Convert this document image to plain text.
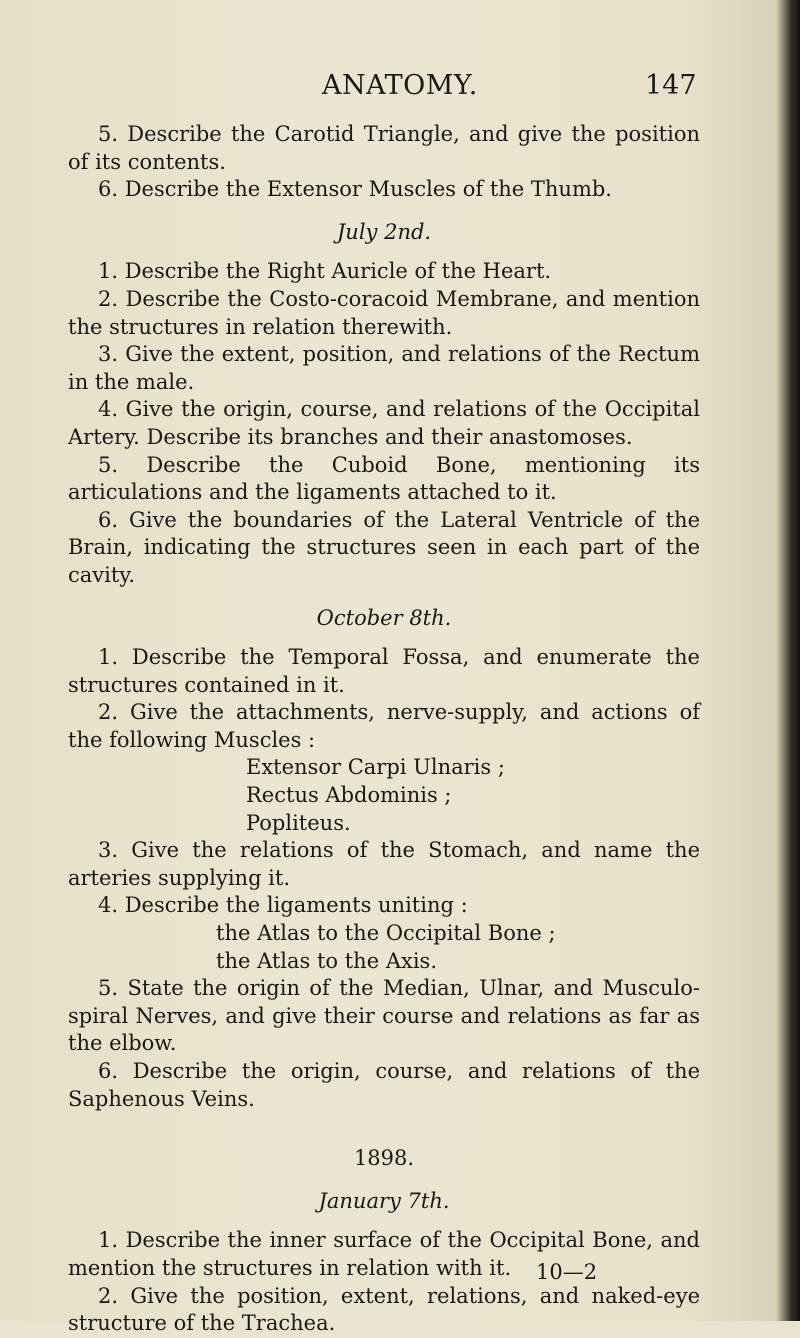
ANATOMY.	147

5. Describe the Carotid Triangle, and give the position of its contents.

6. Describe the Extensor Muscles of the Thumb.

July 2nd.

1. Describe the Right Auricle of the Heart.

2. Describe the Costo-coracoid Membrane, and mention the structures in relation therewith.

3. Give the extent, position, and relations of the Rectum in the male.

4. Give the origin, course, and relations of the Occipital Artery. Describe its branches and their anastomoses.

5. Describe the Cuboid Bone, mentioning its articulations and the ligaments attached to it.

6. Give the boundaries of the Lateral Ventricle of the Brain, indicating the structures seen in each part of the cavity.

October 8th.

1. Describe the Temporal Fossa, and enumerate the structures contained in it.

2. Give the attachments, nerve-supply, and actions of the following Muscles :

Extensor Carpi Ulnaris ;

Rectus Abdominis ;

Popliteus.

3. Give the relations of the Stomach, and name the arteries supplying it.

4. Describe the ligaments uniting :

the Atlas to the Occipital Bone ;

the Atlas to the Axis.

5. State the origin of the Median, Ulnar, and Musculo-spiral Nerves, and give their course and relations as far as the elbow.

6. Describe the origin, course, and relations of the Saphenous Veins.

1898.

January 7th.

1. Describe the inner surface of the Occipital Bone, and mention the structures in relation with it.

2. Give the position, extent, relations, and naked-eye structure of the Trachea.

10—2
